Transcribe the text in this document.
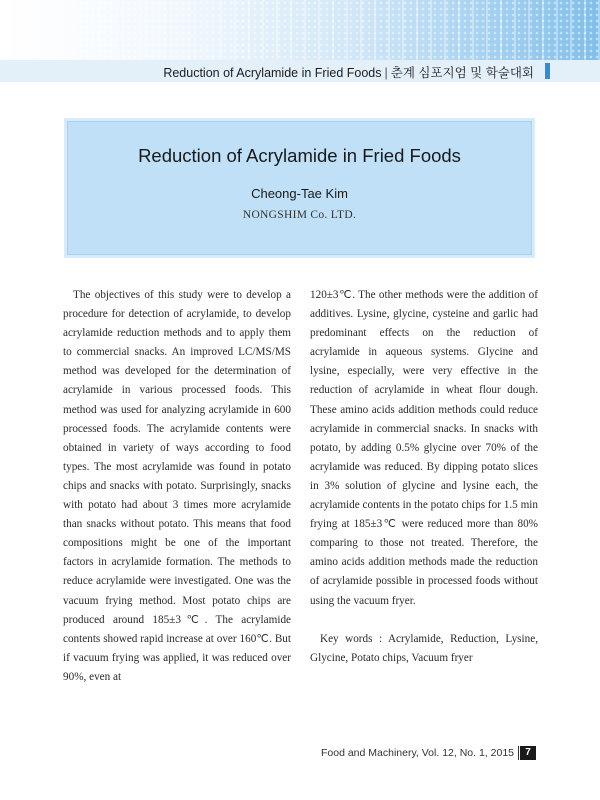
Reduction of Acrylamide in Fried Foods | 춘계 심포지엄 및 학술대회
Reduction of Acrylamide in Fried Foods
Cheong-Tae Kim
NONGSHIM Co. LTD.

The objectives of this study were to develop a procedure for detection of acrylamide, to develop acrylamide reduction methods and to apply them to commercial snacks. An improved LC/MS/MS method was developed for the determination of acrylamide in various processed foods. This method was used for analyzing acrylamide in 600 processed foods. The acrylamide contents were obtained in variety of ways according to food types. The most acrylamide was found in potato chips and snacks with potato. Surprisingly, snacks with potato had about 3 times more acrylamide than snacks without potato. This means that food compositions might be one of the important factors in acrylamide formation. The methods to reduce acrylamide were investigated. One was the vacuum frying method. Most potato chips are produced around 185±3℃. The acrylamide contents showed rapid increase at over 160℃. But if vacuum frying was applied, it was reduced over 90%, even at

120±3℃. The other methods were the addition of additives. Lysine, glycine, cysteine and garlic had predominant effects on the reduction of acrylamide in aqueous systems. Glycine and lysine, especially, were very effective in the reduction of acrylamide in wheat flour dough. These amino acids addition methods could reduce acrylamide in commercial snacks. In snacks with potato, by adding 0.5% glycine over 70% of the acrylamide was reduced. By dipping potato slices in 3% solution of glycine and lysine each, the acrylamide contents in the potato chips for 1.5 min frying at 185±3℃ were reduced more than 80% comparing to those not treated. Therefore, the amino acids addition methods made the reduction of acrylamide possible in processed foods without using the vacuum fryer.

Key words : Acrylamide, Reduction, Lysine, Glycine, Potato chips, Vacuum fryer

Food and Machinery, Vol. 12, No. 1, 2015	7
